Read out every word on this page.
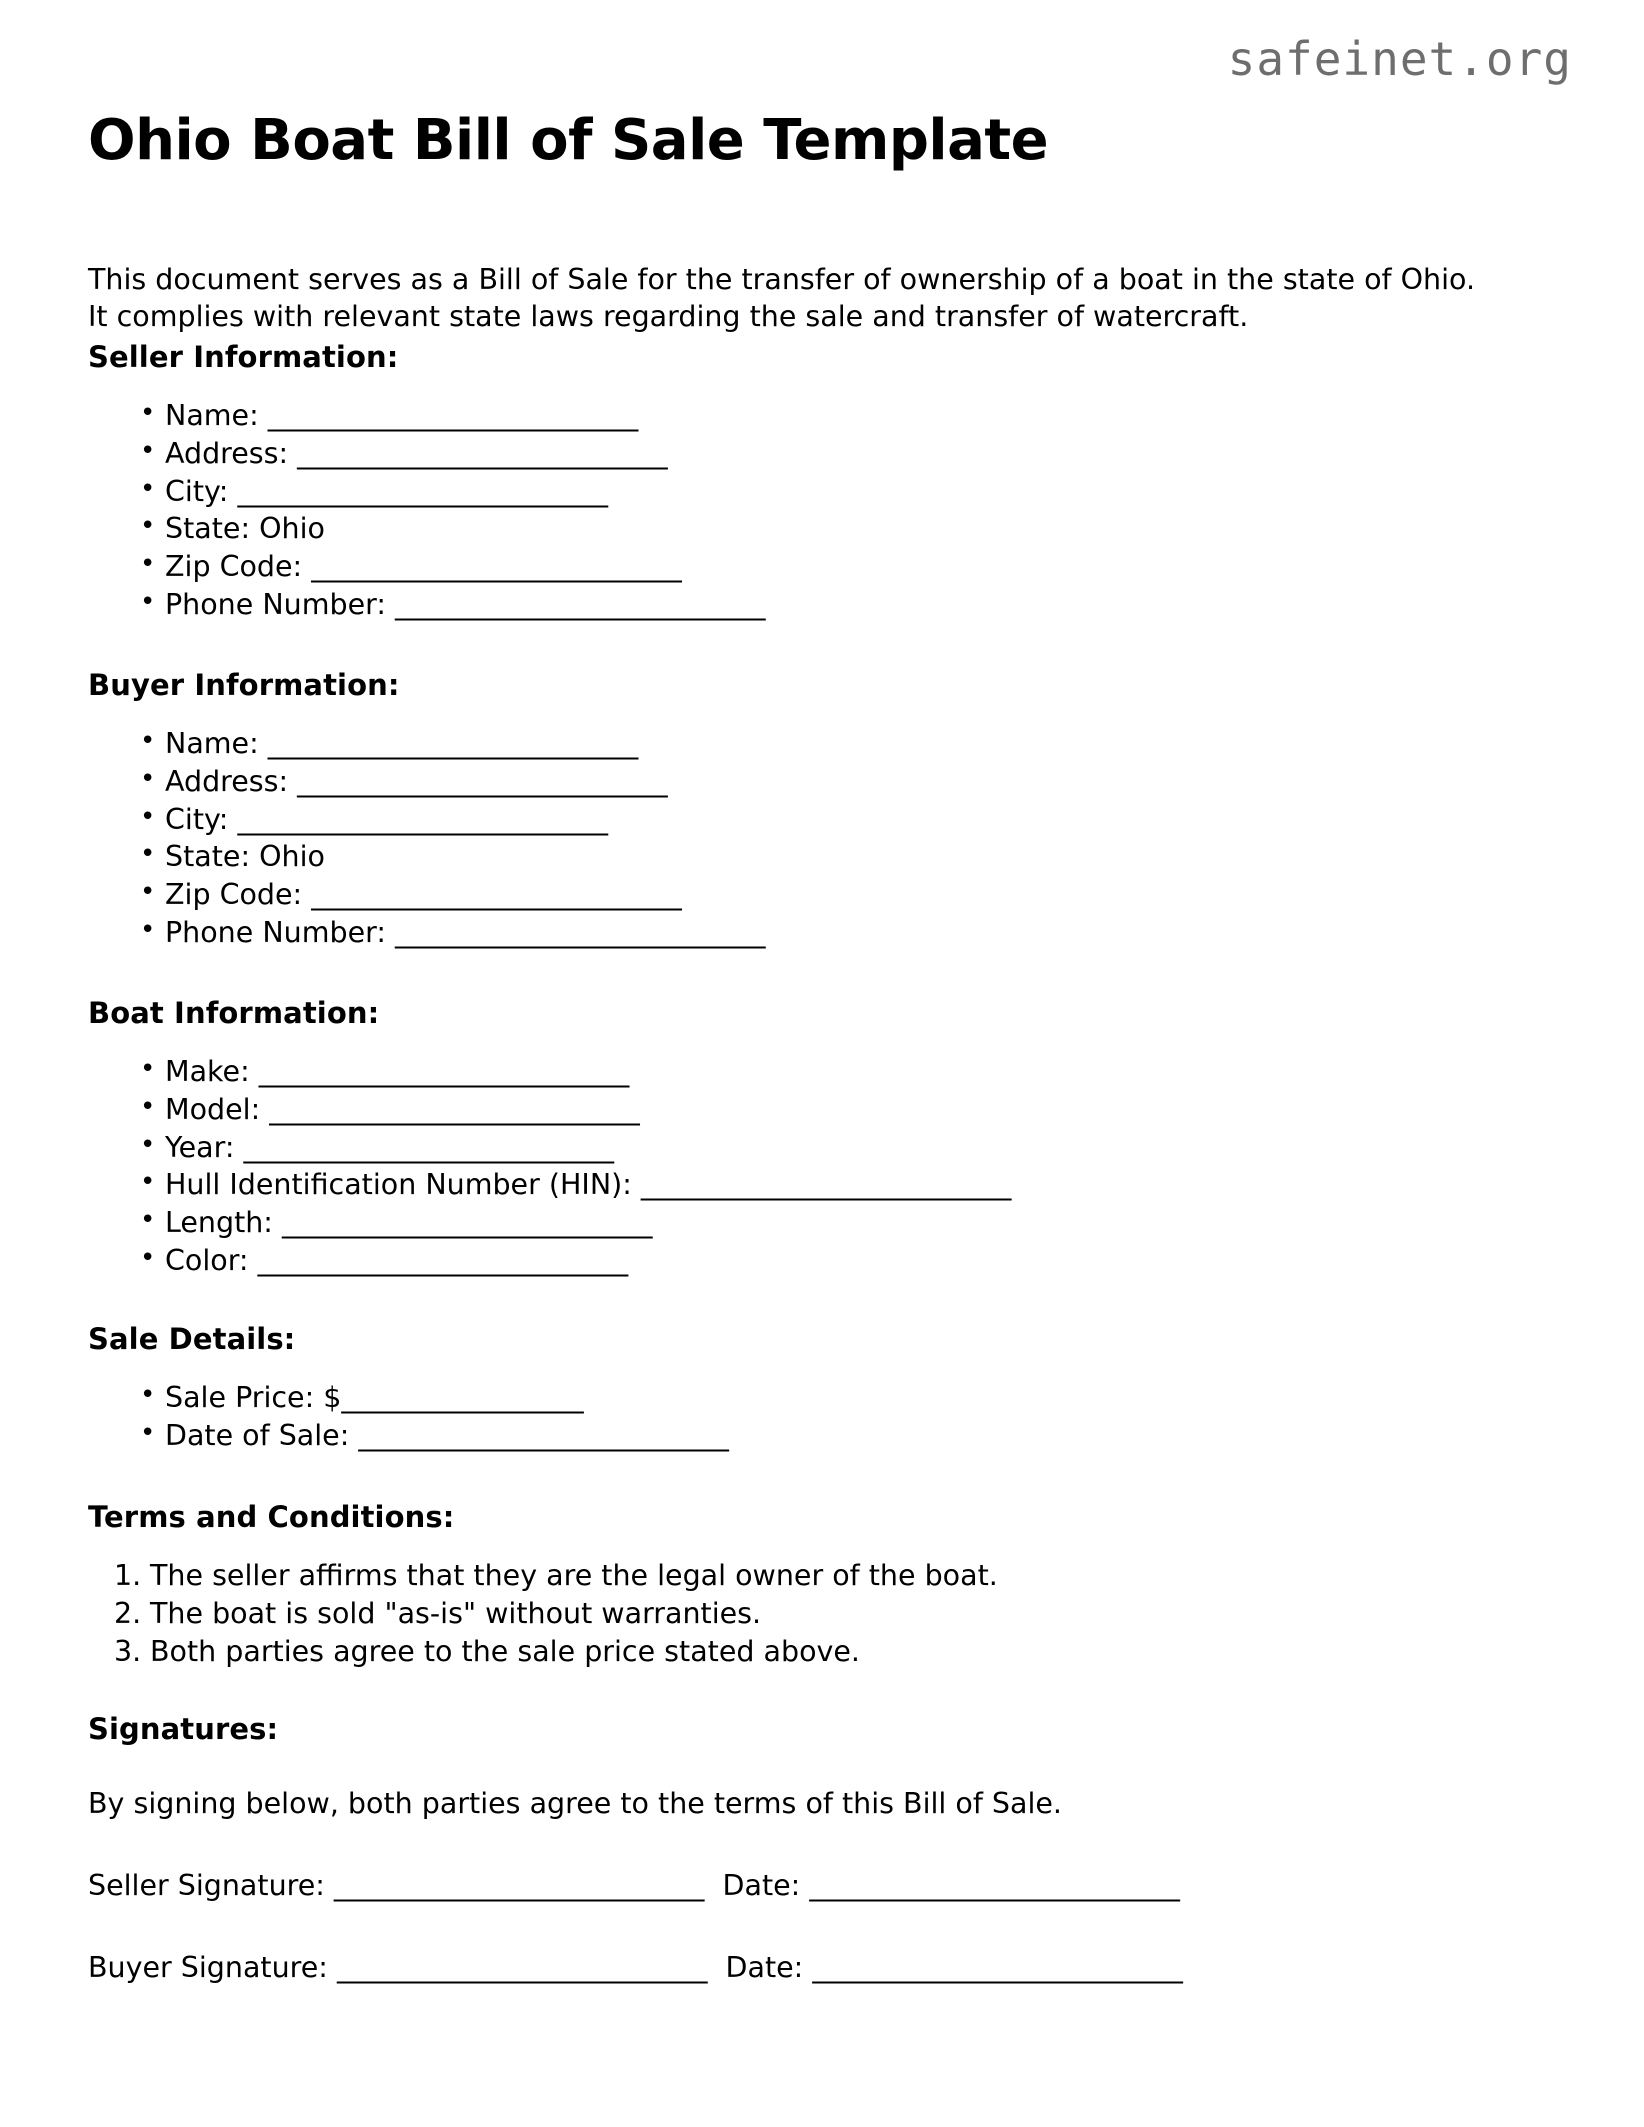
safeinet.org
Ohio Boat Bill of Sale Template

This document serves as a Bill of Sale for the transfer of ownership of a boat in the state of Ohio. It complies with relevant state laws regarding the sale and transfer of watercraft.

Seller Information:
• Name: __________________________
• Address: __________________________
• City: __________________________
• State: Ohio
• Zip Code: __________________________
• Phone Number: __________________________
Buyer Information:
• Name: __________________________
• Address: __________________________
• City: __________________________
• State: Ohio
• Zip Code: __________________________
• Phone Number: __________________________
Boat Information:
• Make: __________________________
• Model: __________________________
• Year: __________________________
• Hull Identification Number (HIN): __________________________
• Length: __________________________
• Color: __________________________
Sale Details:
• Sale Price: $_________________
• Date of Sale: __________________________
Terms and Conditions:
The seller affirms that they are the legal owner of the boat.
The boat is sold "as-is" without warranties.
Both parties agree to the sale price stated above.
Signatures:

By signing below, both parties agree to the terms of this Bill of Sale.

Seller Signature: __________________________  Date: __________________________

Buyer Signature: __________________________  Date: __________________________
